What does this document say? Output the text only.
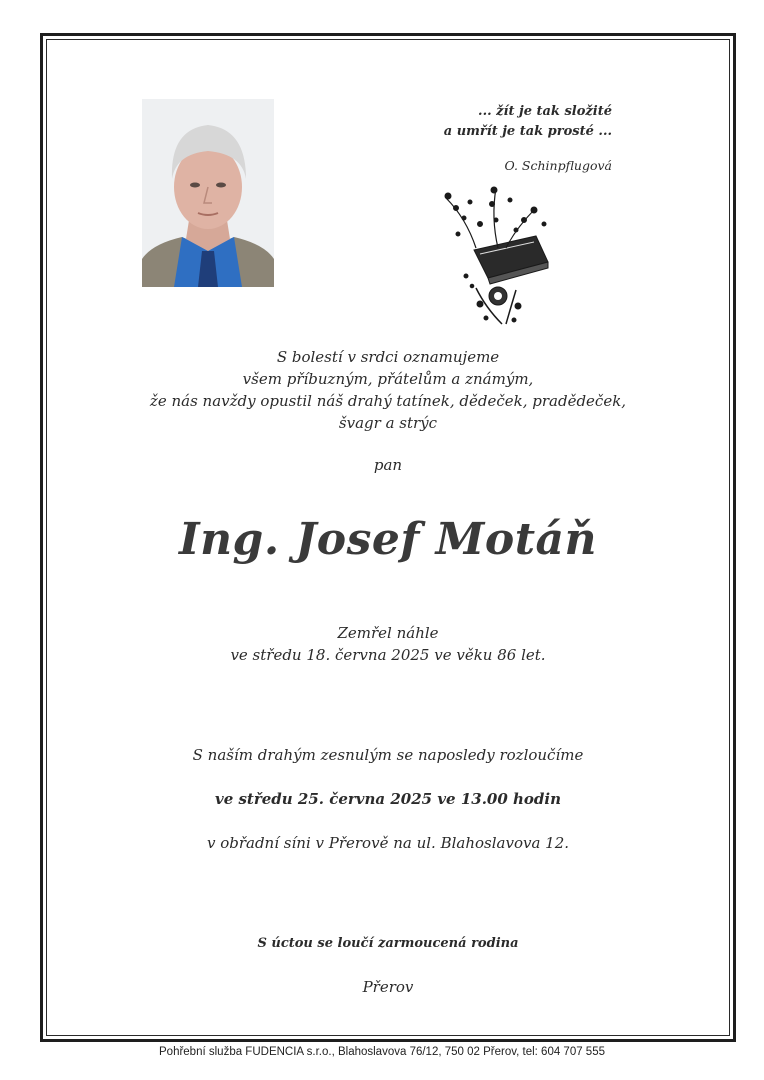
... žít je tak složité
a umřít je tak prosté ...
O. Schinpflugová
S bolestí v srdci oznamujeme
všem příbuzným, přátelům a známým,
že nás navždy opustil náš drahý tatínek, dědeček, pradědeček,
švagr a strýc
pan
Ing. Josef Motáň
Zemřel náhle
ve středu 18. června 2025 ve věku 86 let.
S naším drahým zesnulým se naposledy rozloučíme
ve středu 25. června 2025 ve 13.00 hodin
v obřadní síni v Přerově na ul. Blahoslavova 12.
S úctou se loučí zarmoucená rodina
Přerov
Pohřební služba FUDENCIA s.r.o., Blahoslavova 76/12, 750 02 Přerov, tel: 604 707 555
